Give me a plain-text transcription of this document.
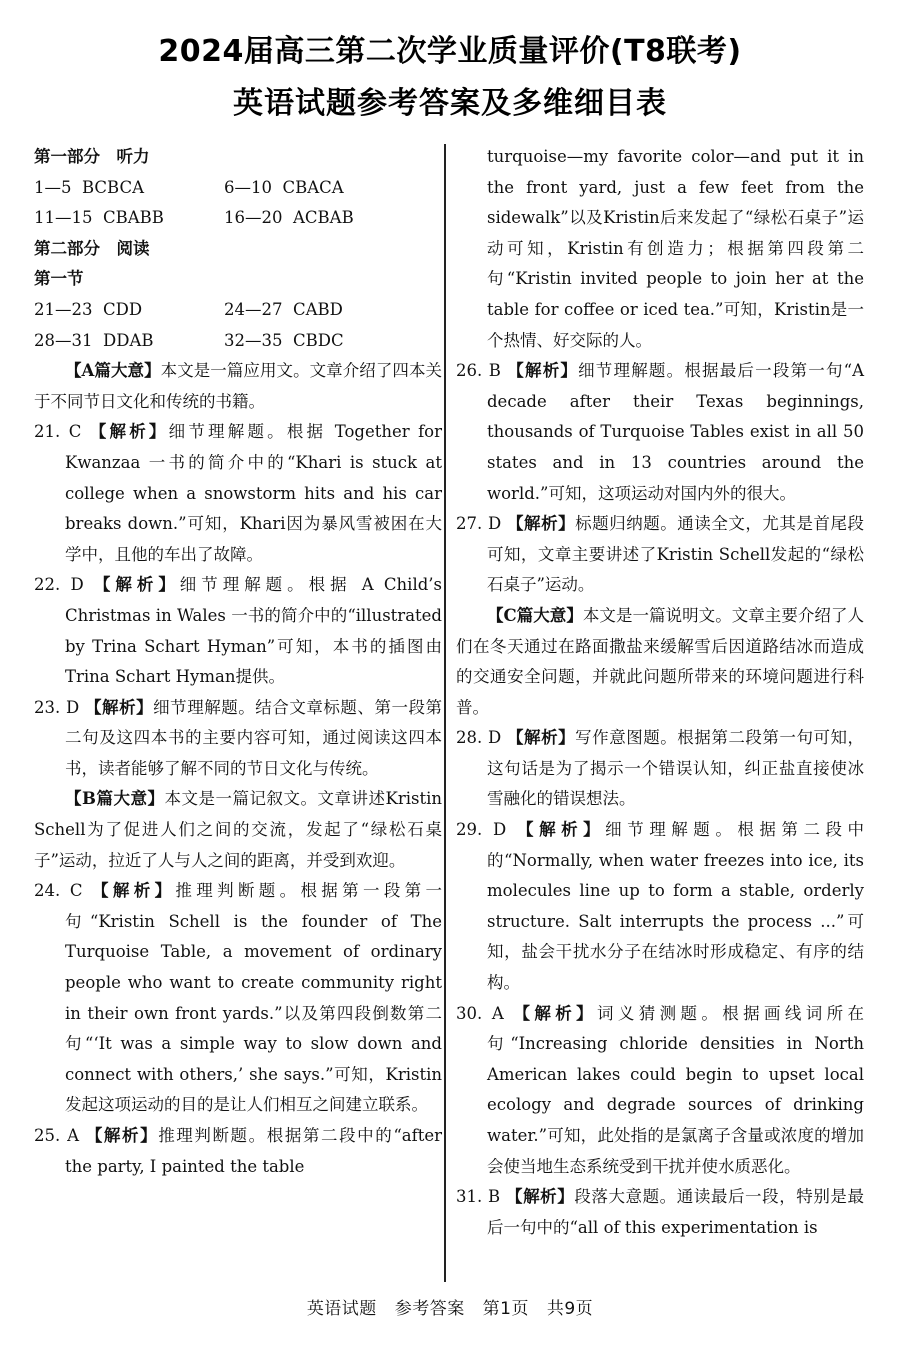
2024届高三第二次学业质量评价(T8联考)
英语试题参考答案及多维细目表
第一部分　听力
1—5 BCBCA	6—10 CBACA
11—15 CBABB	16—20 ACBAB
第二部分　阅读
第一节
21—23 CDD	24—27 CABD
28—31 DDAB	32—35 CBDC
【A篇大意】本文是一篇应用文。文章介绍了四本关于不同节日文化和传统的书籍。
21. C 【解析】细节理解题。根据 Together for Kwanzaa 一书的简介中的“Khari is stuck at college when a snowstorm hits and his car breaks down.”可知，Khari因为暴风雪被困在大学中，且他的车出了故障。
22. D 【解析】细节理解题。根据 A Child’s Christmas in Wales 一书的简介中的“illustrated by Trina Schart Hyman”可知，本书的插图由Trina Schart Hyman提供。
23. D 【解析】细节理解题。结合文章标题、第一段第二句及这四本书的主要内容可知，通过阅读这四本书，读者能够了解不同的节日文化与传统。
【B篇大意】本文是一篇记叙文。文章讲述Kristin Schell为了促进人们之间的交流，发起了“绿松石桌子”运动，拉近了人与人之间的距离，并受到欢迎。
24. C 【解析】推理判断题。根据第一段第一句“Kristin Schell is the founder of The Turquoise Table, a movement of ordinary people who want to create community right in their own front yards.”以及第四段倒数第二句“‘It was a simple way to slow down and connect with others,’ she says.”可知，Kristin发起这项运动的目的是让人们相互之间建立联系。
25. A 【解析】推理判断题。根据第二段中的“after the party, I painted the table
turquoise—my favorite color—and put it in the front yard, just a few feet from the sidewalk”以及Kristin后来发起了“绿松石桌子”运动可知，Kristin有创造力；根据第四段第二句“Kristin invited people to join her at the table for coffee or iced tea.”可知，Kristin是一个热情、好交际的人。
26. B 【解析】细节理解题。根据最后一段第一句“A decade after their Texas beginnings, thousands of Turquoise Tables exist in all 50 states and in 13 countries around the world.”可知，这项运动对国内外的很大。
27. D 【解析】标题归纳题。通读全文，尤其是首尾段可知，文章主要讲述了Kristin Schell发起的“绿松石桌子”运动。
【C篇大意】本文是一篇说明文。文章主要介绍了人们在冬天通过在路面撒盐来缓解雪后因道路结冰而造成的交通安全问题，并就此问题所带来的环境问题进行科普。
28. D 【解析】写作意图题。根据第二段第一句可知，这句话是为了揭示一个错误认知，纠正盐直接使冰雪融化的错误想法。
29. D 【解析】细节理解题。根据第二段中的“Normally, when water freezes into ice, its molecules line up to form a stable, orderly structure. Salt interrupts the process ...”可知，盐会干扰水分子在结冰时形成稳定、有序的结构。
30. A 【解析】词义猜测题。根据画线词所在句“Increasing chloride densities in North American lakes could begin to upset local ecology and degrade sources of drinking water.”可知，此处指的是氯离子含量或浓度的增加会使当地生态系统受到干扰并使水质恶化。
31. B 【解析】段落大意题。通读最后一段，特别是最后一句中的“all of this experimentation is
英语试题 参考答案 第1页 共9页
